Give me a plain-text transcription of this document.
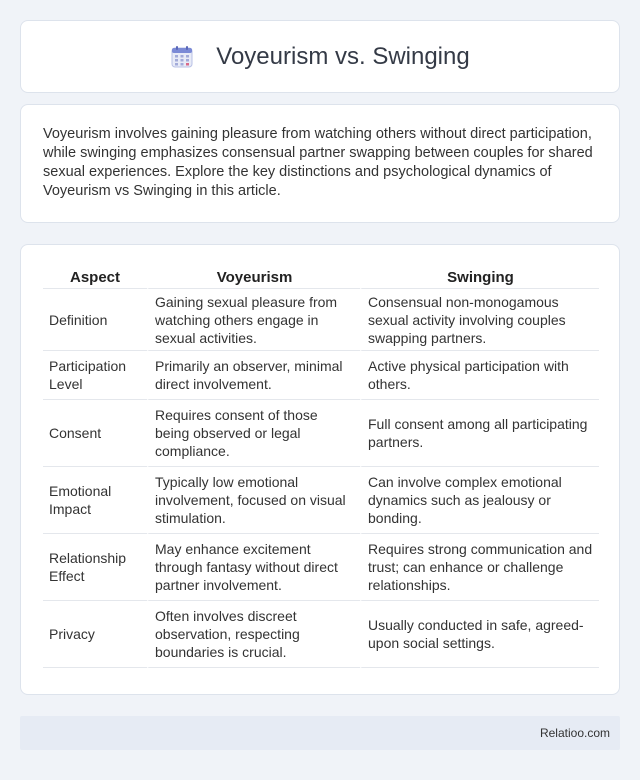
Voyeurism vs. Swinging

Voyeurism involves gaining pleasure from watching others without direct participation, while swinging emphasizes consensual partner swapping between couples for shared sexual experiences. Explore the key distinctions and psychological dynamics of Voyeurism vs Swinging in this article.

Aspect	Voyeurism	Swinging
Definition	Gaining sexual pleasure from watching others engage in sexual activities.	Consensual non-monogamous sexual activity involving couples swapping partners.
Participation Level	Primarily an observer, minimal direct involvement.	Active physical participation with others.
Consent	Requires consent of those being observed or legal compliance.	Full consent among all participating partners.
Emotional Impact	Typically low emotional involvement, focused on visual stimulation.	Can involve complex emotional dynamics such as jealousy or bonding.
Relationship Effect	May enhance excitement through fantasy without direct partner involvement.	Requires strong communication and trust; can enhance or challenge relationships.
Privacy	Often involves discreet observation, respecting boundaries is crucial.	Usually conducted in safe, agreed-upon social settings.
Relatioo.com
